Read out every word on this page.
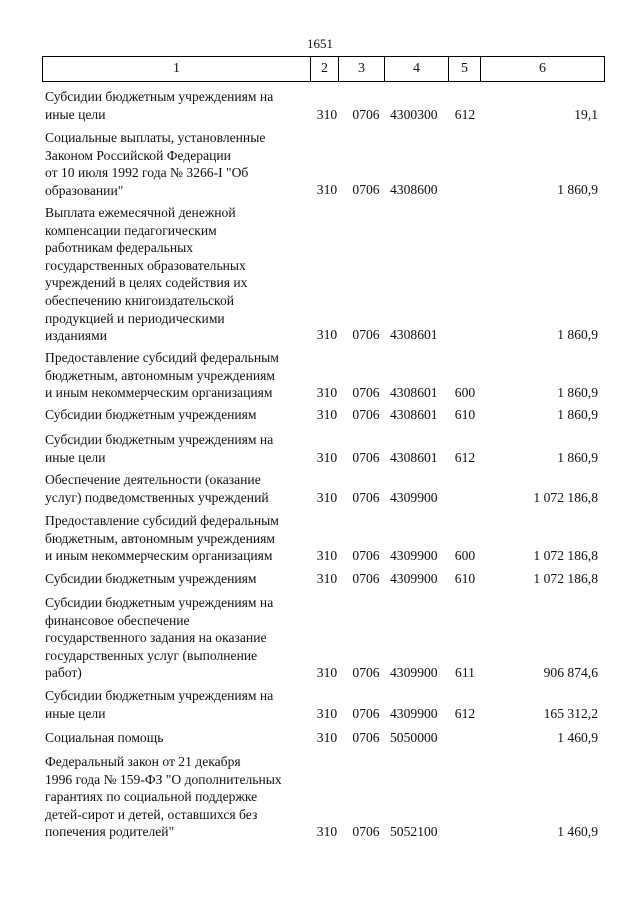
1651
1	2	3	4	5	6
Субсидии бюджетным учреждениям на
иные цели	310	0706 4300300	612	19,1
Социальные выплаты, установленные
Законом Российской Федерации
от 10 июля 1992 года № 3266-I "Об
образовании"	310	0706 4308600	1 860,9
Выплата ежемесячной денежной
компенсации педагогическим
работникам федеральных
государственных образовательных
учреждений в целях содействия их
обеспечению книгоиздательской
продукцией и периодическими
изданиями	310	0706 4308601	1 860,9
Предоставление субсидий федеральным
бюджетным, автономным учреждениям
и иным некоммерческим организациям	310	0706 4308601	600	1 860,9
Субсидии бюджетным учреждениям	310	0706 4308601	610	1 860,9
Субсидии бюджетным учреждениям на
иные цели	310	0706 4308601	612	1 860,9
Обеспечение деятельности (оказание
услуг) подведомственных учреждений	310	0706 4309900	1 072 186,8
Предоставление субсидий федеральным
бюджетным, автономным учреждениям
и иным некоммерческим организациям	310	0706 4309900	600	1 072 186,8
Субсидии бюджетным учреждениям	310	0706 4309900	610	1 072 186,8
Субсидии бюджетным учреждениям на
финансовое обеспечение
государственного задания на оказание
государственных услуг (выполнение
работ)	310	0706 4309900	611	906 874,6
Субсидии бюджетным учреждениям на
иные цели	310	0706 4309900	612	165 312,2
Социальная помощь	310	0706 5050000	1 460,9
Федеральный закон от 21 декабря
1996 года № 159-ФЗ "О дополнительных
гарантиях по социальной поддержке
детей-сирот и детей, оставшихся без
попечения родителей"	310	0706 5052100	1 460,9
